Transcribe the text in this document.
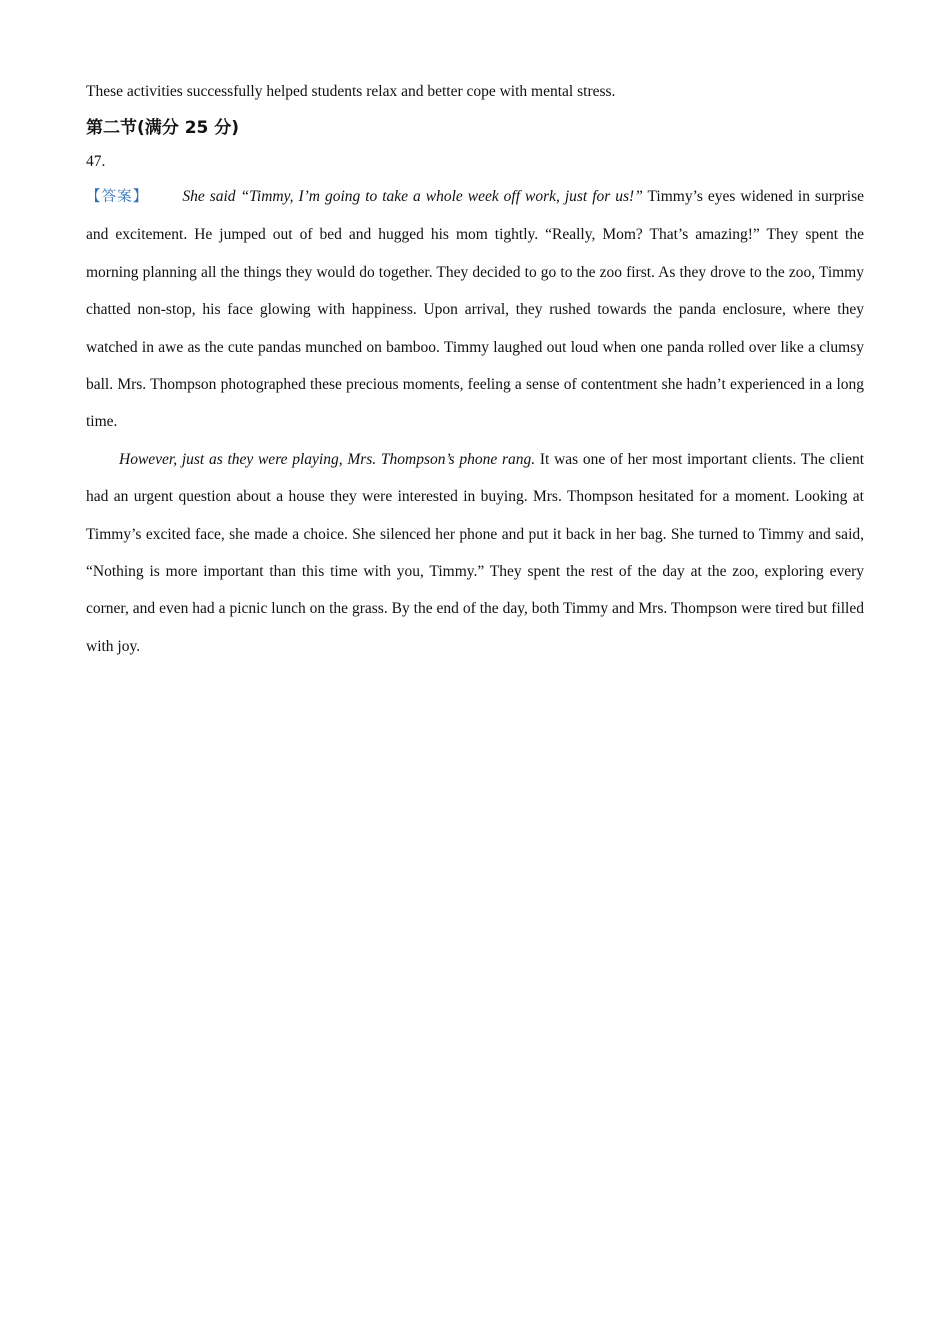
These activities successfully helped students relax and better cope with mental stress.

第二节(满分 25 分)
47.

【答案】 She said “Timmy, I’m going to take a whole week off work, just for us!” Timmy’s eyes widened in surprise and excitement. He jumped out of bed and hugged his mom tightly. “Really, Mom? That’s amazing!” They spent the morning planning all the things they would do together. They decided to go to the zoo first. As they drove to the zoo, Timmy chatted non-stop, his face glowing with happiness. Upon arrival, they rushed towards the panda enclosure, where they watched in awe as the cute pandas munched on bamboo. Timmy laughed out loud when one panda rolled over like a clumsy ball. Mrs. Thompson photographed these precious moments, feeling a sense of contentment she hadn’t experienced in a long time.

However, just as they were playing, Mrs. Thompson’s phone rang. It was one of her most important clients. The client had an urgent question about a house they were interested in buying. Mrs. Thompson hesitated for a moment. Looking at Timmy’s excited face, she made a choice. She silenced her phone and put it back in her bag. She turned to Timmy and said, “Nothing is more important than this time with you, Timmy.” They spent the rest of the day at the zoo, exploring every corner, and even had a picnic lunch on the grass. By the end of the day, both Timmy and Mrs. Thompson were tired but filled with joy.
